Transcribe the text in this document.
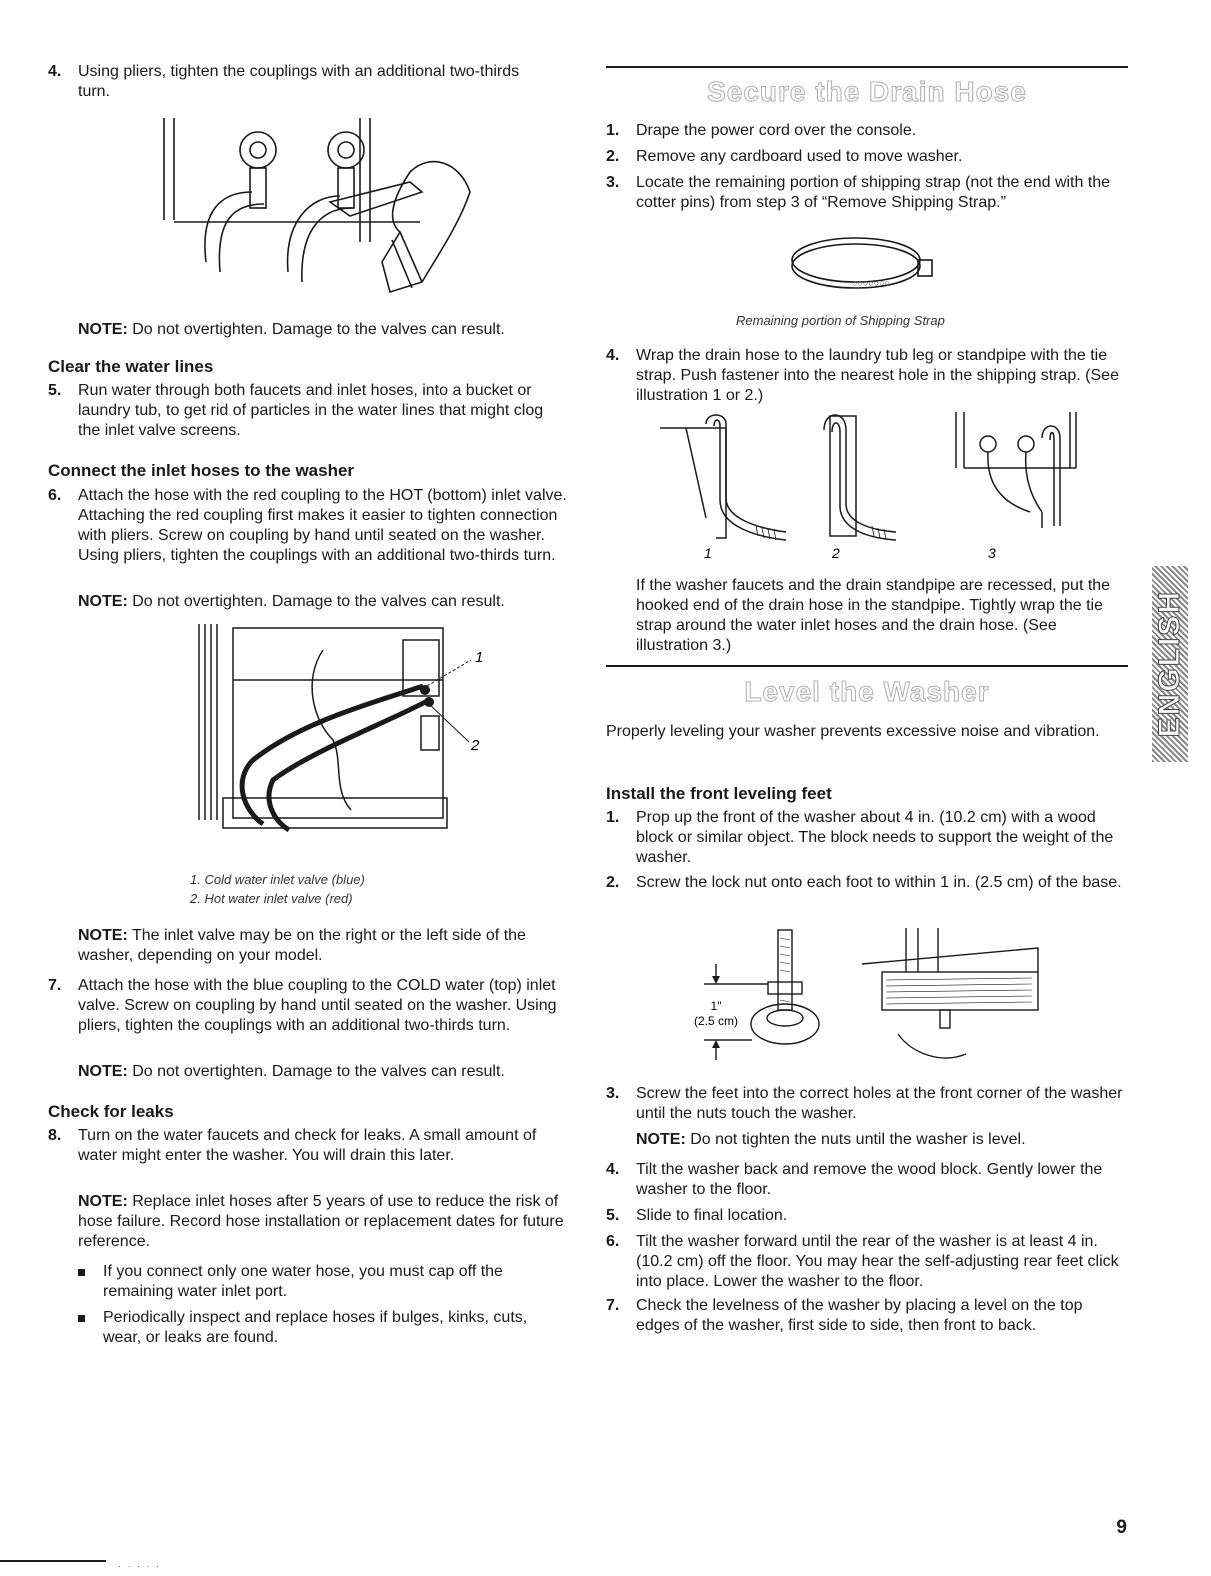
4.	Using pliers, tighten the couplings with an additional two-thirds turn.
NOTE: Do not overtighten. Damage to the valves can result.
Clear the water lines
5.	Run water through both faucets and inlet hoses, into a bucket or laundry tub, to get rid of particles in the water lines that might clog the inlet valve screens.
Connect the inlet hoses to the washer
6.	Attach the hose with the red coupling to the HOT (bottom) inlet valve. Attaching the red coupling first makes it easier to tighten connection with pliers. Screw on coupling by hand until seated on the washer. Using pliers, tighten the couplings with an additional two-thirds turn.
NOTE: Do not overtighten. Damage to the valves can result.
1
2
1. Cold water inlet valve (blue)
2. Hot water inlet valve (red)
NOTE: The inlet valve may be on the right or the left side of the washer, depending on your model.
7.	Attach the hose with the blue coupling to the COLD water (top) inlet valve. Screw on coupling by hand until seated on the washer. Using pliers, tighten the couplings with an additional two-thirds turn.
NOTE: Do not overtighten. Damage to the valves can result.
Check for leaks
8.	Turn on the water faucets and check for leaks. A small amount of water might enter the washer. You will drain this later.
NOTE: Replace inlet hoses after 5 years of use to reduce the risk of hose failure. Record hose installation or replacement dates for future reference.
If you connect only one water hose, you must cap off the remaining water inlet port.
Periodically inspect and replace hoses if bulges, kinks, cuts, wear, or leaks are found.
Secure the Drain Hose
1.	Drape the power cord over the console.
2.	Remove any cardboard used to move washer.
3.	Locate the remaining portion of shipping strap (not the end with the cotter pins) from step 3 of “Remove Shipping Strap.”
○○○○○○○
Remaining portion of Shipping Strap
4.	Wrap the drain hose to the laundry tub leg or standpipe with the tie strap. Push fastener into the nearest hole in the shipping strap. (See illustration 1 or 2.)
1	2	3
If the washer faucets and the drain standpipe are recessed, put the hooked end of the drain hose in the standpipe. Tightly wrap the tie strap around the water inlet hoses and the drain hose. (See illustration 3.)
Level the Washer
Properly leveling your washer prevents excessive noise and vibration.
Install the front leveling feet
1.	Prop up the front of the washer about 4 in. (10.2 cm) with a wood block or similar object. The block needs to support the weight of the washer.
2.	Screw the lock nut onto each foot to within 1 in. (2.5 cm) of the base.
1"
(2.5 cm)
3.	Screw the feet into the correct holes at the front corner of the washer until the nuts touch the washer.
NOTE: Do not tighten the nuts until the washer is level.
4.	Tilt the washer back and remove the wood block. Gently lower the washer to the floor.
5.	Slide to final location.
6.	Tilt the washer forward until the rear of the washer is at least 4 in. (10.2 cm) off the floor. You may hear the self-adjusting rear feet click into place. Lower the washer to the floor.
7.	Check the levelness of the washer by placing a level on the top edges of the washer, first side to side, then front to back.
ENGLISH
9
· · · · ·
